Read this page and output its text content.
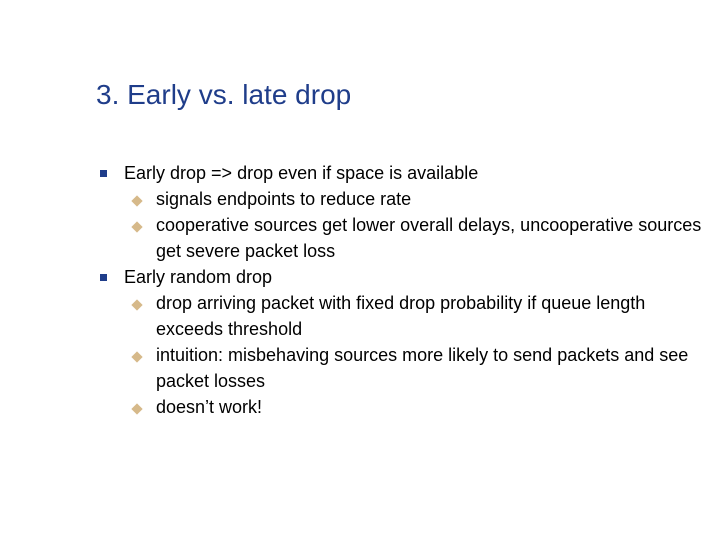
3. Early vs. late drop
Early drop => drop even if space is available
signals endpoints to reduce rate
cooperative sources get lower overall delays, uncooperative sources get severe packet loss
Early random drop
drop arriving packet with fixed drop probability if queue length exceeds threshold
intuition: misbehaving sources more likely to send packets and see packet losses
doesn’t work!
